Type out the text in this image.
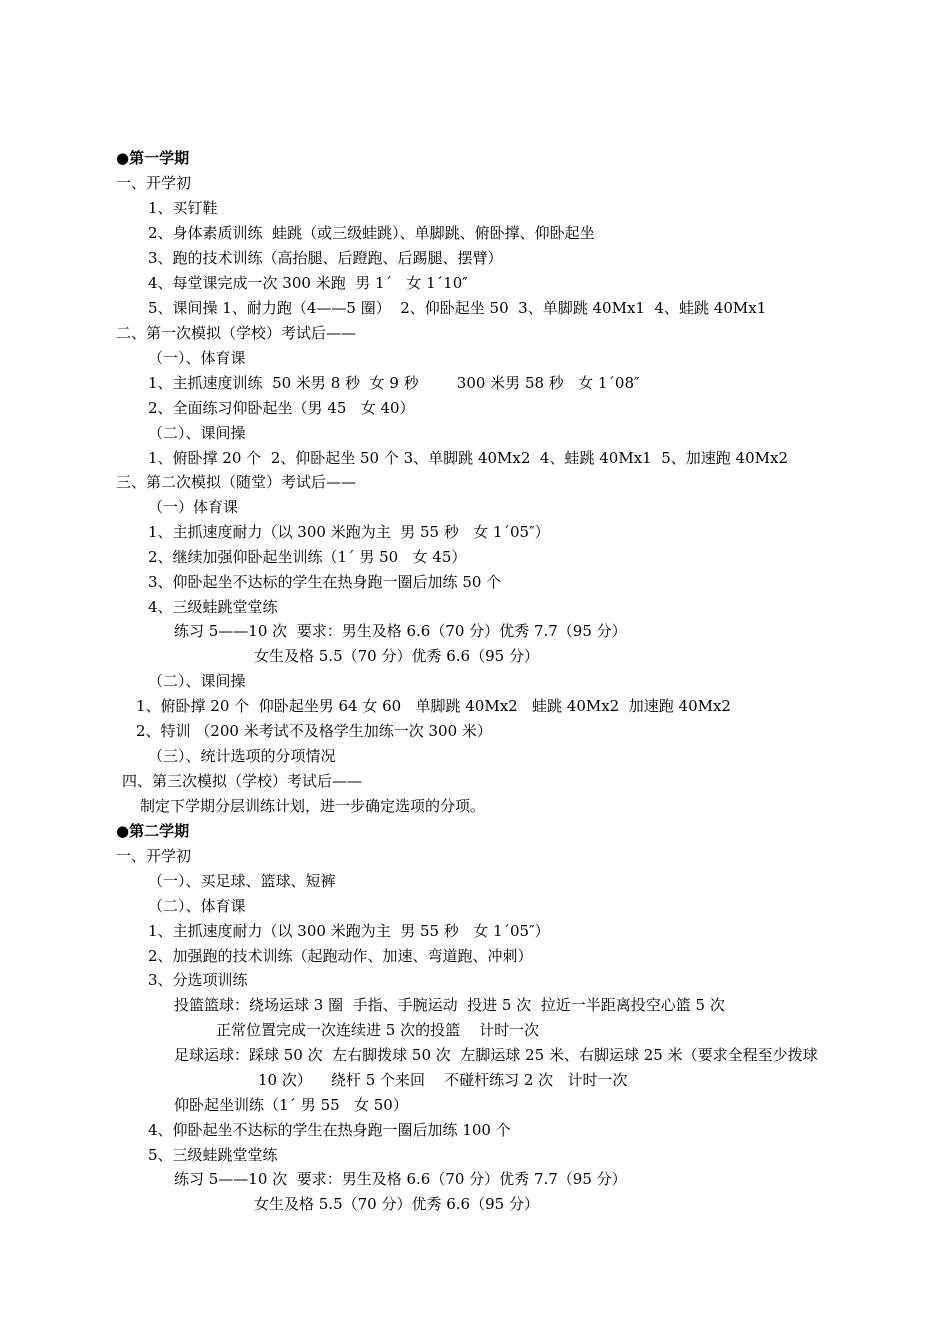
●第一学期
一、开学初
1、买钉鞋
2、身体素质训练  蛙跳（或三级蛙跳）、单脚跳、俯卧撑、仰卧起坐
3、跑的技术训练（高抬腿、后蹬跑、后踢腿、摆臂）
4、每堂课完成一次 300 米跑  男 1΄   女 1΄10″
5、课间操 1、耐力跑（4——5 圈）  2、仰卧起坐 50  3、单脚跳 40Mx1  4、蛙跳 40Mx1
二、第一次模拟（学校）考试后——
（一）、体育课
1、主抓速度训练  50 米男 8 秒  女 9 秒        300 米男 58 秒   女 1΄08″
2、全面练习仰卧起坐（男 45   女 40）
（二）、课间操
1、俯卧撑 20 个  2、仰卧起坐 50 个 3、单脚跳 40Mx2  4、蛙跳 40Mx1  5、加速跑 40Mx2
三、第二次模拟（随堂）考试后——
（一）体育课
1、主抓速度耐力（以 300 米跑为主  男 55 秒   女 1΄05″）
2、继续加强仰卧起坐训练（1΄ 男 50   女 45）
3、仰卧起坐不达标的学生在热身跑一圈后加练 50 个
4、三级蛙跳堂堂练
练习 5——10 次  要求：男生及格 6.6（70 分）优秀 7.7（95 分）
女生及格 5.5（70 分）优秀 6.6（95 分）
（二）、课间操
1、俯卧撑 20 个  仰卧起坐男 64 女 60   单脚跳 40Mx2   蛙跳 40Mx2  加速跑 40Mx2
2、特训 （200 米考试不及格学生加练一次 300 米）
（三）、统计选项的分项情况
四、第三次模拟（学校）考试后——
制定下学期分层训练计划，进一步确定选项的分项。
●第二学期
一、开学初
（一）、买足球、篮球、短裤
（二）、体育课
1、主抓速度耐力（以 300 米跑为主  男 55 秒   女 1΄05″）
2、加强跑的技术训练（起跑动作、加速、弯道跑、冲刺）
3、分选项训练
投篮篮球：绕场运球 3 圈  手指、手腕运动  投进 5 次  拉近一半距离投空心篮 5 次
正常位置完成一次连续进 5 次的投篮    计时一次
足球运球：踩球 50 次  左右脚拨球 50 次  左脚运球 25 米、右脚运球 25 米（要求全程至少拨球
10 次）    绕杆 5 个来回    不碰杆练习 2 次   计时一次
仰卧起坐训练（1΄ 男 55   女 50）
4、仰卧起坐不达标的学生在热身跑一圈后加练 100 个
5、三级蛙跳堂堂练
练习 5——10 次  要求：男生及格 6.6（70 分）优秀 7.7（95 分）
女生及格 5.5（70 分）优秀 6.6（95 分）
